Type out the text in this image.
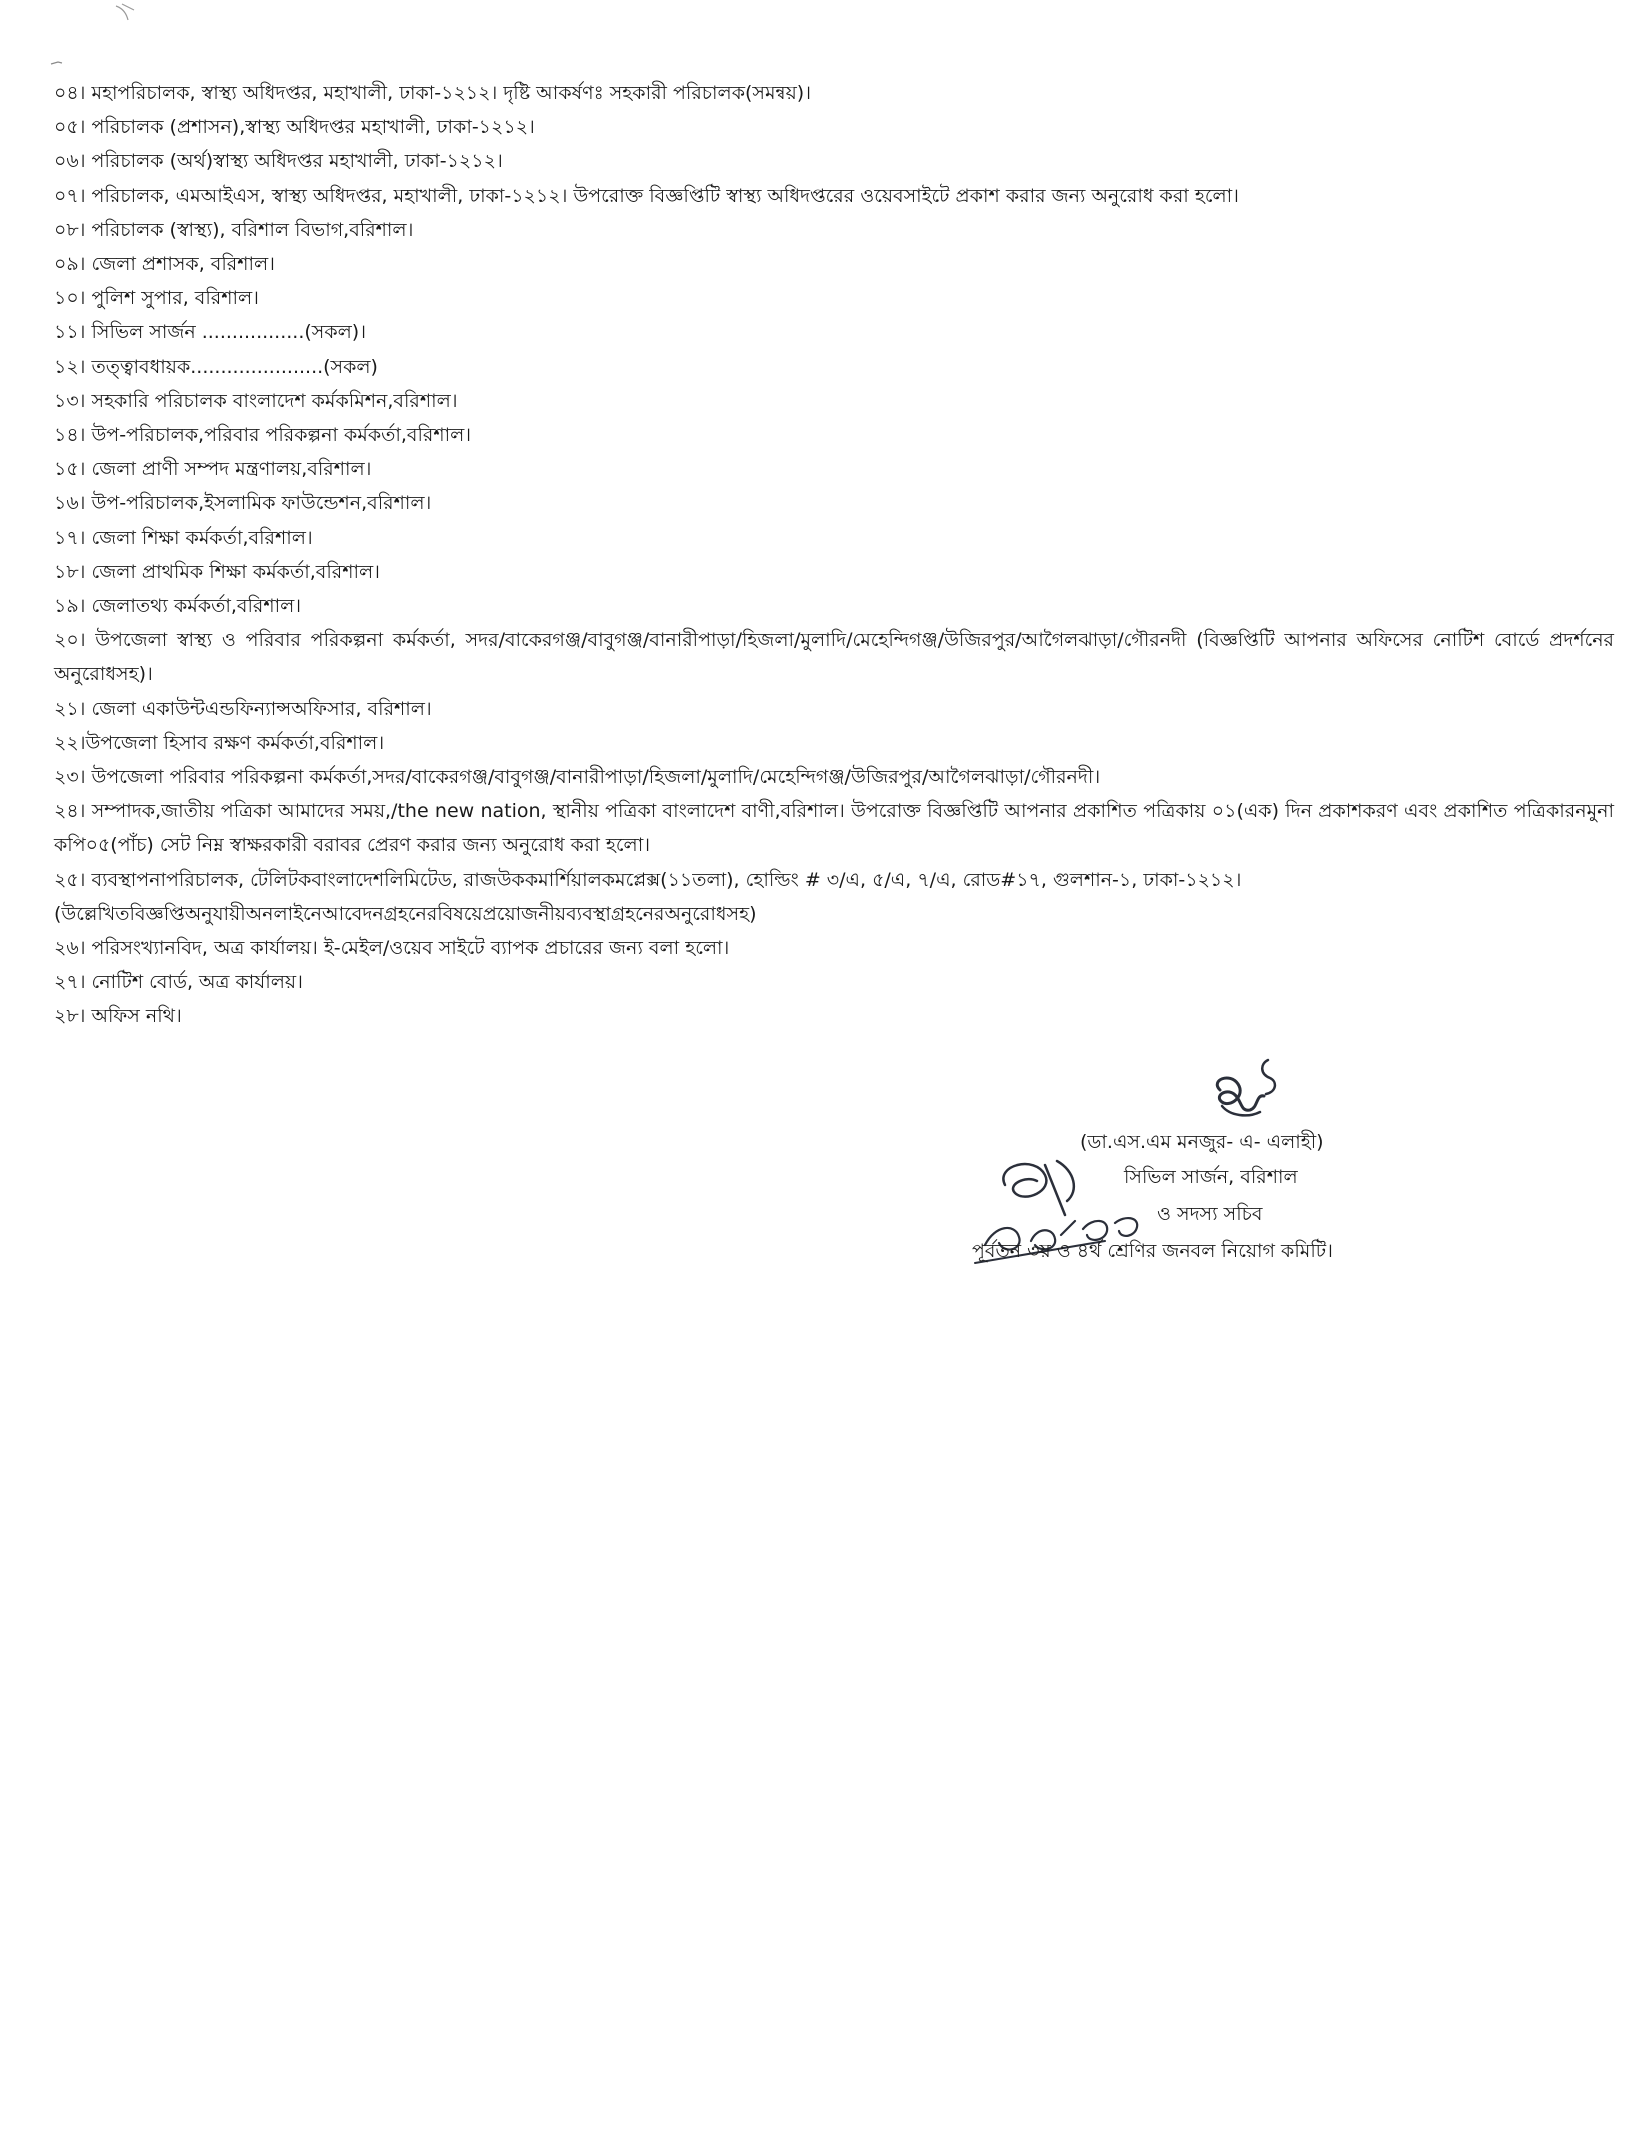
০৪। মহাপরিচালক, স্বাস্থ্য অধিদপ্তর, মহাখালী, ঢাকা-১২১২। দৃষ্টি আকর্ষণঃ সহকারী পরিচালক(সমন্বয়)।
০৫। পরিচালক (প্রশাসন),স্বাস্থ্য অধিদপ্তর মহাখালী, ঢাকা-১২১২।
০৬। পরিচালক (অর্থ)স্বাস্থ্য অধিদপ্তর মহাখালী, ঢাকা-১২১২।
০৭। পরিচালক, এমআইএস, স্বাস্থ্য অধিদপ্তর, মহাখালী, ঢাকা-১২১২। উপরোক্ত বিজ্ঞপ্তিটি স্বাস্থ্য অধিদপ্তরের ওয়েবসাইটে প্রকাশ করার জন্য অনুরোধ করা হলো।
০৮। পরিচালক (স্বাস্থ্য), বরিশাল বিভাগ,বরিশাল।
০৯। জেলা প্রশাসক, বরিশাল।
১০। পুলিশ সুপার, বরিশাল।
১১। সিভিল সার্জন .................(সকল)।
১২। তত্ত্বাবধায়ক......................(সকল)
১৩। সহকারি পরিচালক বাংলাদেশ কর্মকমিশন,বরিশাল।
১৪। উপ-পরিচালক,পরিবার পরিকল্পনা কর্মকর্তা,বরিশাল।
১৫। জেলা প্রাণী সম্পদ মন্ত্রণালয়,বরিশাল।
১৬। উপ-পরিচালক,ইসলামিক ফাউন্ডেশন,বরিশাল।
১৭। জেলা শিক্ষা কর্মকর্তা,বরিশাল।
১৮। জেলা প্রাথমিক শিক্ষা কর্মকর্তা,বরিশাল।
১৯। জেলাতথ্য কর্মকর্তা,বরিশাল।
২০। উপজেলা স্বাস্থ্য ও পরিবার পরিকল্পনা কর্মকর্তা, সদর/বাকেরগঞ্জ/বাবুগঞ্জ/বানারীপাড়া/হিজলা/মুলাদি/মেহেন্দিগঞ্জ/উজিরপুর/আগৈলঝাড়া/গৌরনদী (বিজ্ঞপ্তিটি আপনার অফিসের নোটিশ বোর্ডে প্রদর্শনের অনুরোধসহ)।
২১। জেলা একাউন্টএন্ডফিন্যান্সঅফিসার, বরিশাল।
২২।উপজেলা হিসাব রক্ষণ কর্মকর্তা,বরিশাল।
২৩। উপজেলা পরিবার পরিকল্পনা কর্মকর্তা,সদর/বাকেরগঞ্জ/বাবুগঞ্জ/বানারীপাড়া/হিজলা/মুলাদি/মেহেন্দিগঞ্জ/উজিরপুর/আগৈলঝাড়া/গৌরনদী।
২৪। সম্পাদক,জাতীয় পত্রিকা আমাদের সময়,/the new nation, স্থানীয় পত্রিকা বাংলাদেশ বাণী,বরিশাল। উপরোক্ত বিজ্ঞপ্তিটি আপনার প্রকাশিত পত্রিকায় ০১(এক) দিন প্রকাশকরণ এবং প্রকাশিত পত্রিকারনমুনা কপি০৫(পাঁচ) সেট নিম্ন স্বাক্ষরকারী বরাবর প্রেরণ করার জন্য অনুরোধ করা হলো।
২৫। ব্যবস্থাপনাপরিচালক, টেলিটকবাংলাদেশলিমিটেড, রাজউককমার্শিয়ালকমপ্লেক্স(১১তলা), হোল্ডিং # ৩/এ, ৫/এ, ৭/এ, রোড#১৭, গুলশান-১, ঢাকা-১২১২।
(উল্লেখিতবিজ্ঞপ্তিঅনুযায়ীঅনলাইনেআবেদনগ্রহনেরবিষয়েপ্রয়োজনীয়ব্যবস্থাগ্রহনেরঅনুরোধসহ)
২৬। পরিসংখ্যানবিদ, অত্র কার্যালয়। ই-মেইল/ওয়েব সাইটে ব্যাপক প্রচারের জন্য বলা হলো।
২৭। নোটিশ বোর্ড, অত্র কার্যালয়।
২৮। অফিস নথি।
(ডা.এস.এম মনজুর- এ- এলাহী)
সিভিল সার্জন, বরিশাল
ও সদস্য সচিব
পূর্বতন ৩য় ও ৪র্থ শ্রেণির জনবল নিয়োগ কমিটি।
